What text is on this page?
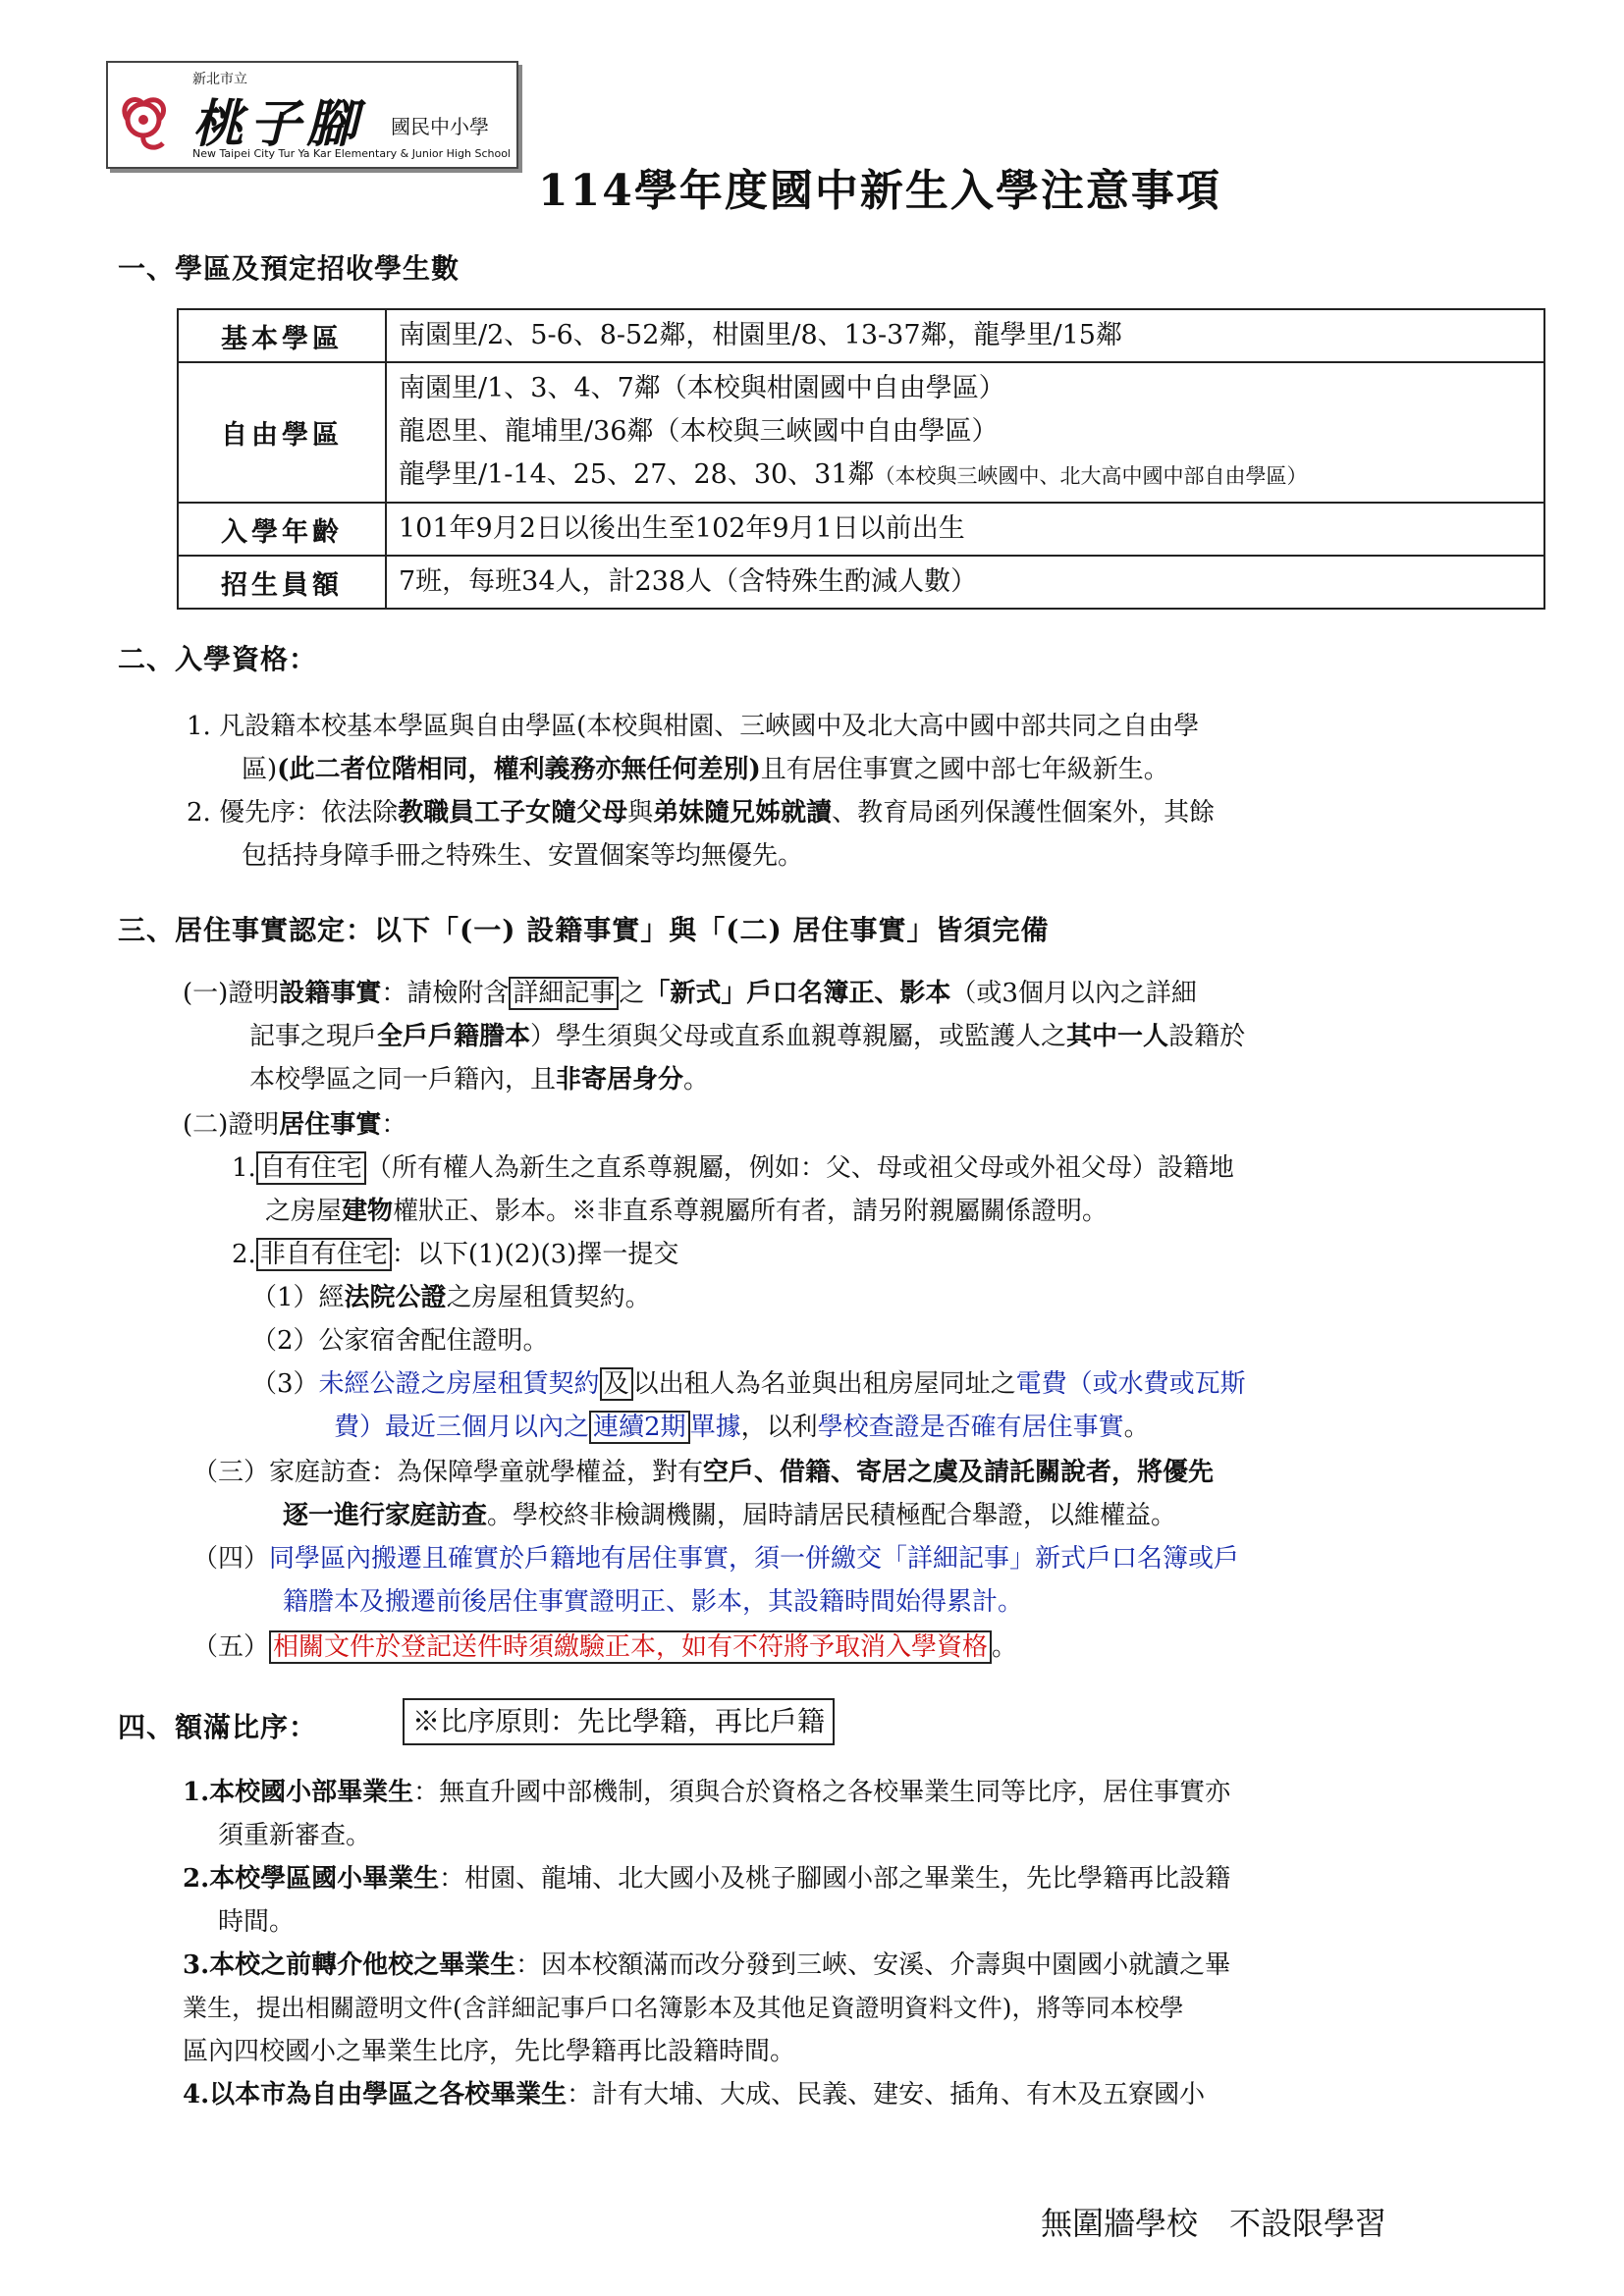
新北市立
桃子腳 國民中小學
New Taipei City Tur Ya Kar Elementary & Junior High School
114學年度國中新生入學注意事項
一、學區及預定招收學生數
基本學區	南園里/2、5-6、8-52鄰，柑園里/8、13-37鄰，龍學里/15鄰
自由學區	南園里/1、3、4、7鄰（本校與柑園國中自由學區）
龍恩里、龍埔里/36鄰（本校與三峽國中自由學區）
龍學里/1-14、25、27、28、30、31鄰（本校與三峽國中、北大高中國中部自由學區）

入學年齡	101年9月2日以後出生至102年9月1日以前出生
招生員額	7班，每班34人，計238人（含特殊生酌減人數）
二、入學資格：
1. 凡設籍本校基本學區與自由學區(本校與柑園、三峽國中及北大高中國中部共同之自由學
區)(此二者位階相同，權利義務亦無任何差別)且有居住事實之國中部七年級新生。
2. 優先序：依法除教職員工子女隨父母與弟妹隨兄姊就讀、教育局函列保護性個案外，其餘
包括持身障手冊之特殊生、安置個案等均無優先。
三、居住事實認定：以下「(一) 設籍事實」與「(二) 居住事實」皆須完備
(一)證明設籍事實：請檢附含 詳細記事 之「新式」戶口名簿正、影本（或3個月以內之詳細
記事之現戶全戶戶籍謄本）學生須與父母或直系血親尊親屬，或監護人之其中一人設籍於
本校學區之同一戶籍內，且非寄居身分。
(二)證明居住事實：
1. 自有住宅 （所有權人為新生之直系尊親屬，例如：父、母或祖父母或外祖父母）設籍地
之房屋建物權狀正、影本。※非直系尊親屬所有者，請另附親屬關係證明。
2. 非自有住宅 ：以下(1)(2)(3)擇一提交
（1）經法院公證之房屋租賃契約。
（2）公家宿舍配住證明。
（3）未經公證之房屋租賃契約 及 以出租人為名並與出租房屋同址之電費（或水費或瓦斯
費）最近三個月以內之 連續2期 單據，以利學校查證是否確有居住事實。
（三）家庭訪查：為保障學童就學權益，對有空戶、借籍、寄居之虞及請託關說者，將優先
逐一進行家庭訪查。學校終非檢調機關，屆時請居民積極配合舉證，以維權益。
（四）同學區內搬遷且確實於戶籍地有居住事實，須一併繳交「詳細記事」新式戶口名簿或戶
籍謄本及搬遷前後居住事實證明正、影本，其設籍時間始得累計。
（五） 相關文件於登記送件時須繳驗正本，如有不符將予取消入學資格 。
四、額滿比序：	※比序原則：先比學籍，再比戶籍
1.本校國小部畢業生：無直升國中部機制，須與合於資格之各校畢業生同等比序，居住事實亦
須重新審查。
2.本校學區國小畢業生：柑園、龍埔、北大國小及桃子腳國小部之畢業生，先比學籍再比設籍
時間。
3.本校之前轉介他校之畢業生：因本校額滿而改分發到三峽、安溪、介壽與中園國小就讀之畢
業生，提出相關證明文件(含詳細記事戶口名簿影本及其他足資證明資料文件)，將等同本校學
區內四校國小之畢業生比序，先比學籍再比設籍時間。
4.以本市為自由學區之各校畢業生：計有大埔、大成、民義、建安、插角、有木及五寮國小
無圍牆學校　不設限學習
